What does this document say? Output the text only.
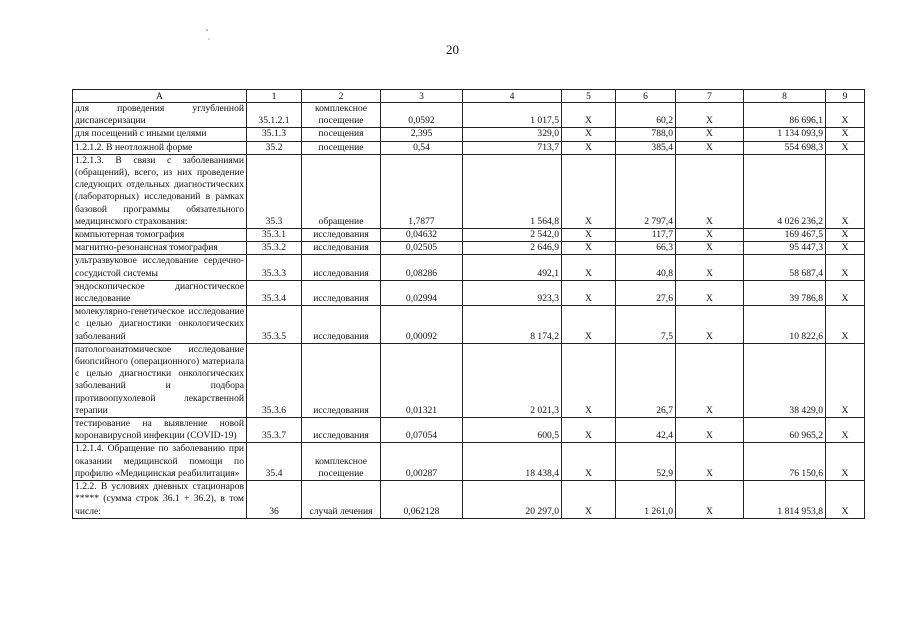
20
А	1	2	3	4	5	6	7	8	9
для проведения углубленной диспансеризации	35.1.2.1	комплексное посещение	0,0592	1 017,5	X	60,2	X	86 696,1	X
для посещений с иными целями	35.1.3	посещения	2,395	329,0	X	788,0	X	1 134 093,9	X
1.2.1.2. В неотложной форме	35.2	посещение	0,54	713,7	X	385,4	X	554 698,3	X
1.2.1.3. В связи с заболеваниями (обращений), всего, из них проведение следующих отдельных диагностических (лабораторных) исследований в рамках базовой программы обязательного медицинского страхования:	35.3	обращение	1,7877	1 564,8	X	2 797,4	X	4 026 236,2	X
компьютерная томография	35.3.1	исследования	0,04632	2 542,0	X	117,7	X	169 467,5	X
магнитно-резонансная томография	35.3.2	исследования	0,02505	2 646,9	X	66,3	X	95 447,3	X
ультразвуковое исследование сердечно-сосудистой системы	35.3.3	исследования	0,08286	492,1	X	40,8	X	58 687,4	X
эндоскопическое диагностическое исследование	35.3.4	исследования	0,02994	923,3	X	27,6	X	39 786,8	X
молекулярно-генетическое исследование с целью диагностики онкологических заболеваний	35.3.5	исследования	0,00092	8 174,2	X	7,5	X	10 822,6	X
патологоанатомическое исследование биопсийного (операционного) материала с целью диагностики онкологических заболеваний и подбора противоопухолевой лекарственной терапии	35.3.6	исследования	0,01321	2 021,3	X	26,7	X	38 429,0	X
тестирование на выявление новой коронавирусной инфекции (COVID-19)	35.3.7	исследования	0,07054	600,5	X	42,4	X	60 965,2	X
1.2.1.4. Обращение по заболеванию при оказании медицинской помощи по профилю «Медицинская реабилитация»	35.4	комплексное посещение	0,00287	18 438,4	X	52,9	X	76 150,6	X
1.2.2. В условиях дневных стационаров ***** (сумма строк 36.1 + 36.2), в том числе:	36	случай лечения	0,062128	20 297,0	X	1 261,0	X	1 814 953,8	X
